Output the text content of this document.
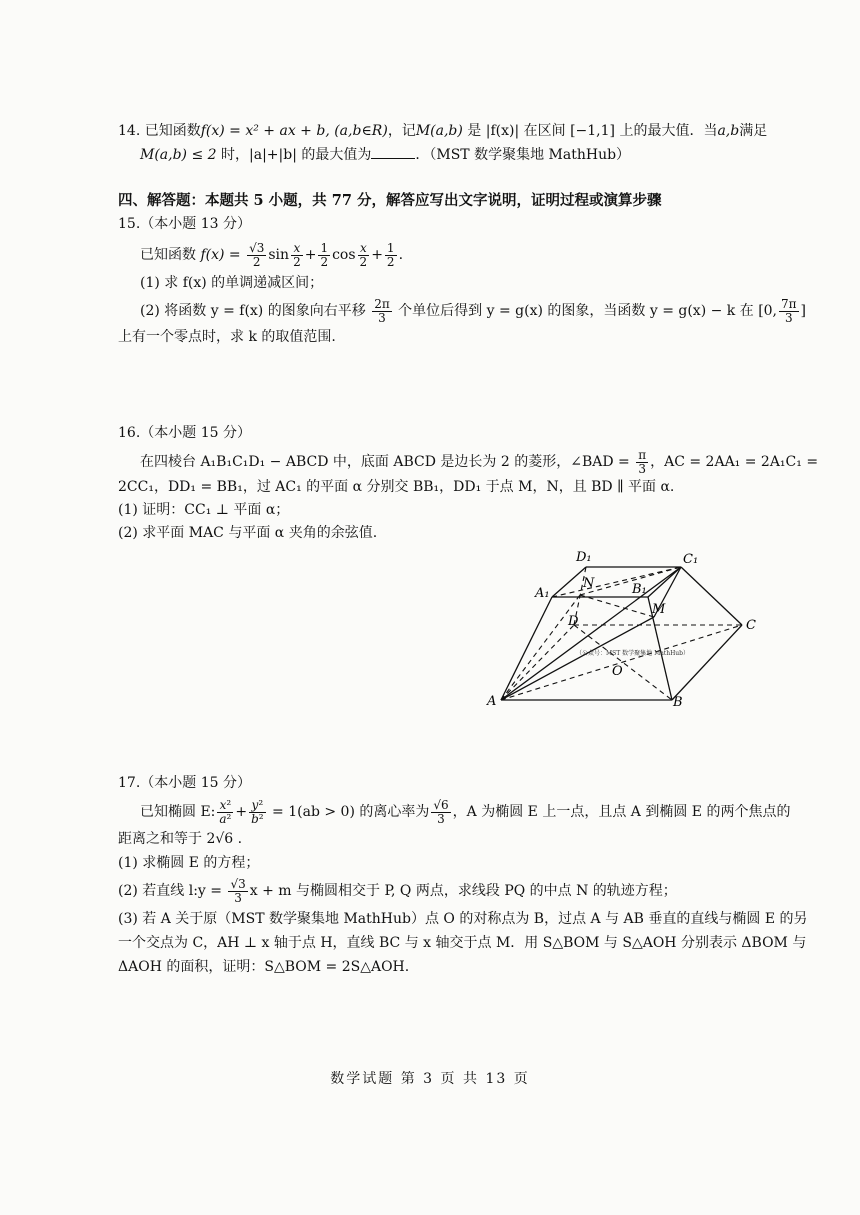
14. 已知函数f(x) = x² + ax + b, (a,b∈R)，记M(a,b) 是 |f(x)| 在区间 [−1,1] 上的最大值．当a,b满足
M(a,b) ≤ 2 时，|a|+|b| 的最大值为	．（MST 数学聚集地 MathHub）
四、解答题：本题共 5 小题，共 77 分，解答应写出文字说明，证明过程或演算步骤
15.（本小题 13 分）
已知函数 $f(x) = \frac{√3}{2}$ $\sin \frac{x}{2} + \frac{1}{2}$ $\cos \frac{x}{2} + \frac{1}{2}$ .
(1) 求 f(x) 的单调递减区间；
(2) 将函数 y = f(x) 的图象向右平移 $\frac{2\pi}{3}$ 个单位后得到 y = g(x) 的图象，当函数 y = g(x) − k 在 [0, $\frac{7\pi}{3}$ ]
上有一个零点时，求 k 的取值范围.
16.（本小题 15 分）
在四棱台 A₁B₁C₁D₁ − ABCD 中，底面 ABCD 是边长为 2 的菱形，∠BAD = $\frac{\pi}{3}$ ，AC = 2AA₁ = 2A₁C₁ =
2CC₁，DD₁ = BB₁，过 AC₁ 的平面 α 分别交 BB₁，DD₁ 于点 M，N，且 BD ∥ 平面 α.
(1) 证明：CC₁ ⊥ 平面 α；
(2) 求平面 MAC 与平面 α 夹角的余弦值.
D₁	C₁
A₁	B₁
N
M
D	C
O
A	B
（公众号：MST 数学聚集地 MathHub）
17.（本小题 15 分）
已知椭圆 E: $\frac{\text{x²}}{\text{a²}} + \frac{\text{y²}}{\text{b²}} = 1(ab > 0)$ 的离心率为 $\frac{√6}{3}$ ，A 为椭圆 E 上一点，且点 A 到椭圆 E 的两个焦点的
距离之和等于 2√6 .
(1) 求椭圆 E 的方程；
(2) 若直线 l:y = $\frac{√3}{3}$ x + m 与椭圆相交于 P, Q 两点，求线段 PQ 的中点 N 的轨迹方程；
(3) 若 A 关于原（MST 数学聚集地 MathHub）点 O 的对称点为 B，过点 A 与 AB 垂直的直线与椭圆 E 的另
一个交点为 C，AH ⊥ x 轴于点 H，直线 BC 与 x 轴交于点 M．用 S△BOM 与 S△AOH 分别表示 ΔBOM 与
ΔAOH 的面积，证明：S△BOM = 2S△AOH.
数学试题 第 3 页 共 13 页
